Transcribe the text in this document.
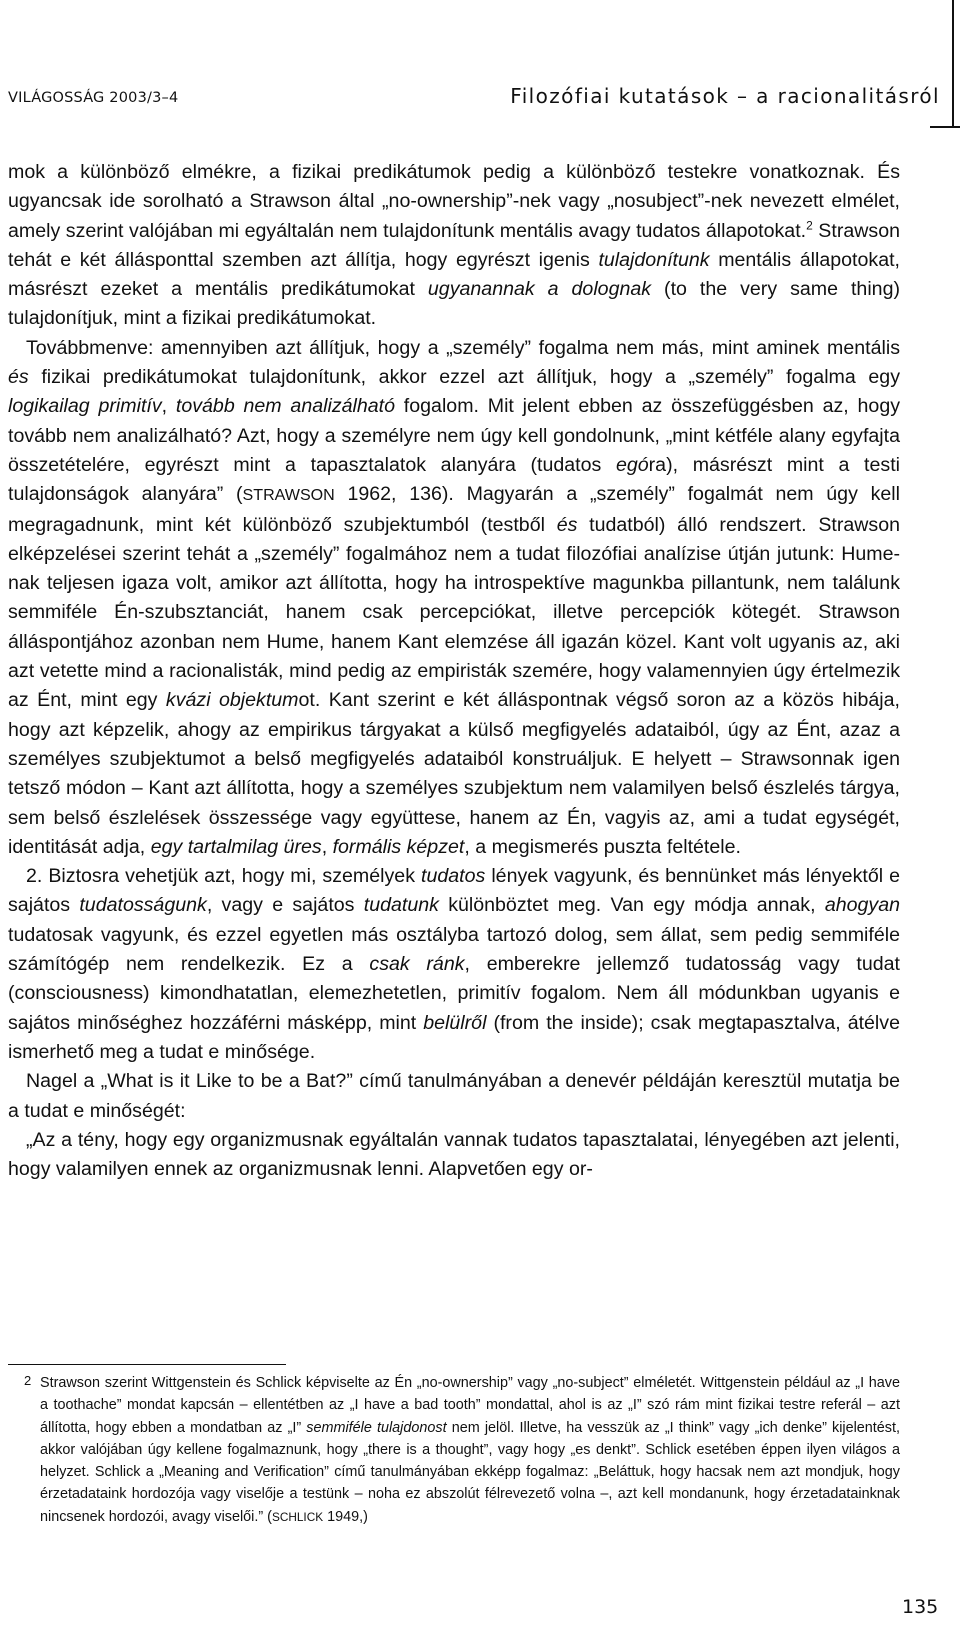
VILÁGOSSÁG 2003/3–4	Filozófiai kutatások – a racionalitásról

mok a különböző elmékre, a fizikai predikátumok pedig a különböző testekre vonatkoznak. És ugyancsak ide sorolható a Strawson által „no-ownership”-nek vagy „nosubject”-nek nevezett elmélet, amely szerint valójában mi egyáltalán nem tulajdonítunk mentális avagy tudatos állapotokat.$^2$ Strawson tehát e két állásponttal szemben azt állítja, hogy egyrészt igenis tulajdonítunk mentális állapotokat, másrészt ezeket a mentális predikátumokat ugyanannak a dolognak (to the very same thing) tulajdonítjuk, mint a fizikai predikátumokat.

Továbbmenve: amennyiben azt állítjuk, hogy a „személy” fogalma nem más, mint aminek mentális és fizikai predikátumokat tulajdonítunk, akkor ezzel azt állítjuk, hogy a „személy” fogalma egy logikailag primitív, tovább nem analizálható fogalom. Mit jelent ebben az összefüggésben az, hogy tovább nem analizálható? Azt, hogy a személyre nem úgy kell gondolnunk, „mint kétféle alany egyfajta összetételére, egyrészt mint a tapasztalatok alanyára (tudatos egóra), másrészt mint a testi tulajdonságok alanyára” (STRAWSON 1962, 136). Magyarán a „személy” fogalmát nem úgy kell megragadnunk, mint két különböző szubjektumból (testből és tudatból) álló rendszert. Strawson elképzelései szerint tehát a „személy” fogalmához nem a tudat filozófiai analízise útján jutunk: Hume-nak teljesen igaza volt, amikor azt állította, hogy ha introspektíve magunkba pillantunk, nem találunk semmiféle Én-szubsztanciát, hanem csak percepciókat, illetve percepciók kötegét. Strawson álláspontjához azonban nem Hume, hanem Kant elemzése áll igazán közel. Kant volt ugyanis az, aki azt vetette mind a racionalisták, mind pedig az empiristák szemére, hogy valamennyien úgy értelmezik az Ént, mint egy kvázi objektumot. Kant szerint e két álláspontnak végső soron az a közös hibája, hogy azt képzelik, ahogy az empirikus tárgyakat a külső megfigyelés adataiból, úgy az Ént, azaz a személyes szubjektumot a belső megfigyelés adataiból konstruáljuk. E helyett – Strawsonnak igen tetsző módon – Kant azt állította, hogy a személyes szubjektum nem valamilyen belső észlelés tárgya, sem belső észlelések összessége vagy együttese, hanem az Én, vagyis az, ami a tudat egységét, identitását adja, egy tartalmilag üres, formális képzet, a megismerés puszta feltétele.

2. Biztosra vehetjük azt, hogy mi, személyek tudatos lények vagyunk, és bennünket más lényektől e sajátos tudatosságunk, vagy e sajátos tudatunk különböztet meg. Van egy módja annak, ahogyan tudatosak vagyunk, és ezzel egyetlen más osztályba tartozó dolog, sem állat, sem pedig semmiféle számítógép nem rendelkezik. Ez a csak ránk, emberekre jellemző tudatosság vagy tudat (consciousness) kimondhatatlan, elemezhetetlen, primitív fogalom. Nem áll módunkban ugyanis e sajátos minőséghez hozzáférni másképp, mint belülről (from the inside); csak megtapasztalva, átélve ismerhető meg a tudat e minősége.

Nagel a „What is it Like to be a Bat?” című tanulmányában a denevér példáján keresztül mutatja be a tudat e minőségét:

„Az a tény, hogy egy organizmusnak egyáltalán vannak tudatos tapasztalatai, lényegében azt jelenti, hogy valamilyen ennek az organizmusnak lenni. Alapvetően egy or-

2 Strawson szerint Wittgenstein és Schlick képviselte az Én „no-ownership” vagy „no-subject” elméletét. Wittgenstein például az „I have a toothache” mondat kapcsán – ellentétben az „I have a bad tooth” mondattal, ahol is az „I” szó rám mint fizikai testre referál – azt állította, hogy ebben a mondatban az „I” semmiféle tulajdonost nem jelöl. Illetve, ha vesszük az „I think” vagy „ich denke” kijelentést, akkor valójában úgy kellene fogalmaznunk, hogy „there is a thought”, vagy hogy „es denkt”. Schlick esetében éppen ilyen világos a helyzet. Schlick a „Meaning and Verification” című tanulmányában ekképp fogalmaz: „Beláttuk, hogy hacsak nem azt mondjuk, hogy érzetadataink hordozója vagy viselője a testünk – noha ez abszolút félrevezető volna –, azt kell mondanunk, hogy érzetadatainknak nincsenek hordozói, avagy viselői.” (SCHLICK 1949,)

135
